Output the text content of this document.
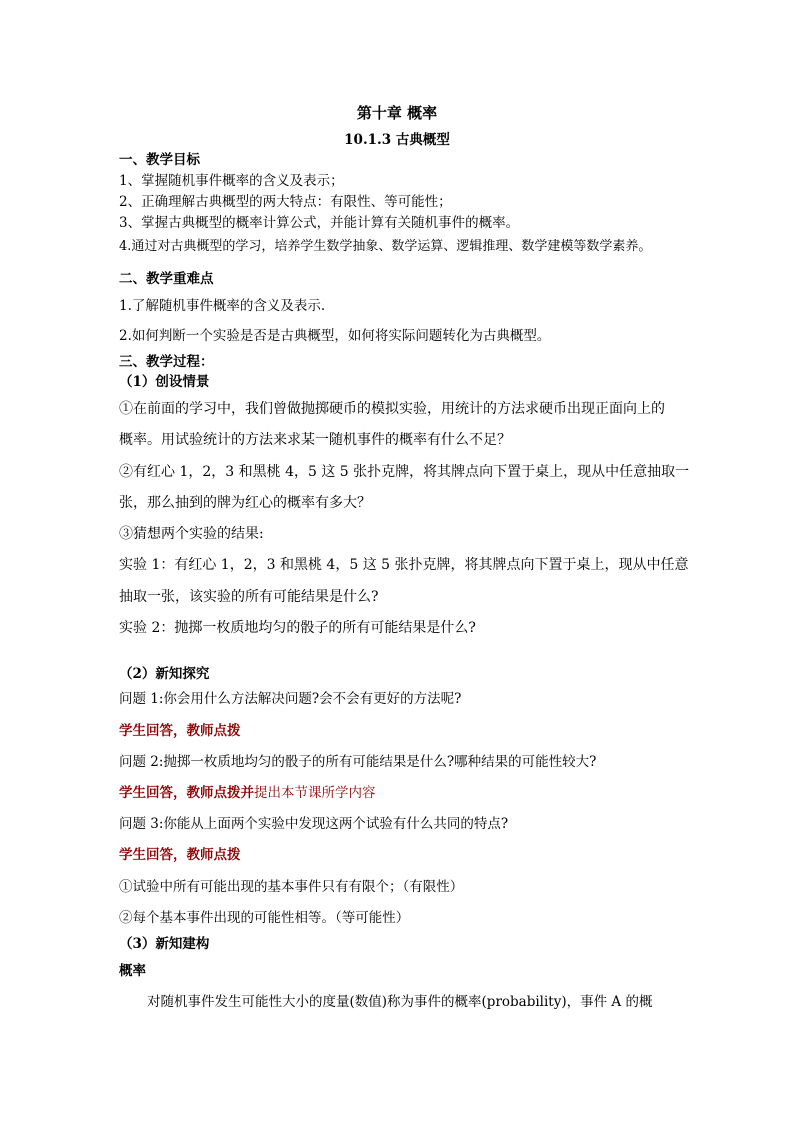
第十章 概率
10.1.3 古典概型
一、教学目标
1、掌握随机事件概率的含义及表示；
2、正确理解古典概型的两大特点：有限性、等可能性；
3、掌握古典概型的概率计算公式，并能计算有关随机事件的概率。
4.通过对古典概型的学习，培养学生数学抽象、数学运算、逻辑推理、数学建模等数学素养。
二、教学重难点
1.了解随机事件概率的含义及表示.
2.如何判断一个实验是否是古典概型，如何将实际问题转化为古典概型。
三、教学过程：
（1）创设情景
①在前面的学习中，我们曾做抛掷硬币的模拟实验，用统计的方法求硬币出现正面向上的
概率。用试验统计的方法来求某一随机事件的概率有什么不足？
②有红心 1，2，3 和黑桃 4，5 这 5 张扑克牌，将其牌点向下置于桌上，现从中任意抽取一
张，那么抽到的牌为红心的概率有多大？
③猜想两个实验的结果:
实验 1：有红心 1，2，3 和黑桃 4，5 这 5 张扑克牌，将其牌点向下置于桌上，现从中任意
抽取一张，该实验的所有可能结果是什么?
实验 2：抛掷一枚质地均匀的骰子的所有可能结果是什么?
（2）新知探究
问题 1:你会用什么方法解决问题?会不会有更好的方法呢?
学生回答，教师点拨
问题 2:抛掷一枚质地均匀的骰子的所有可能结果是什么?哪种结果的可能性较大?
学生回答，教师点拨并提出本节课所学内容
问题 3:你能从上面两个实验中发现这两个试验有什么共同的特点?
学生回答，教师点拨
①试验中所有可能出现的基本事件只有有限个；（有限性）
②每个基本事件出现的可能性相等。（等可能性）
（3）新知建构
概率
对随机事件发生可能性大小的度量(数值)称为事件的概率(probability)，事件 A 的概
